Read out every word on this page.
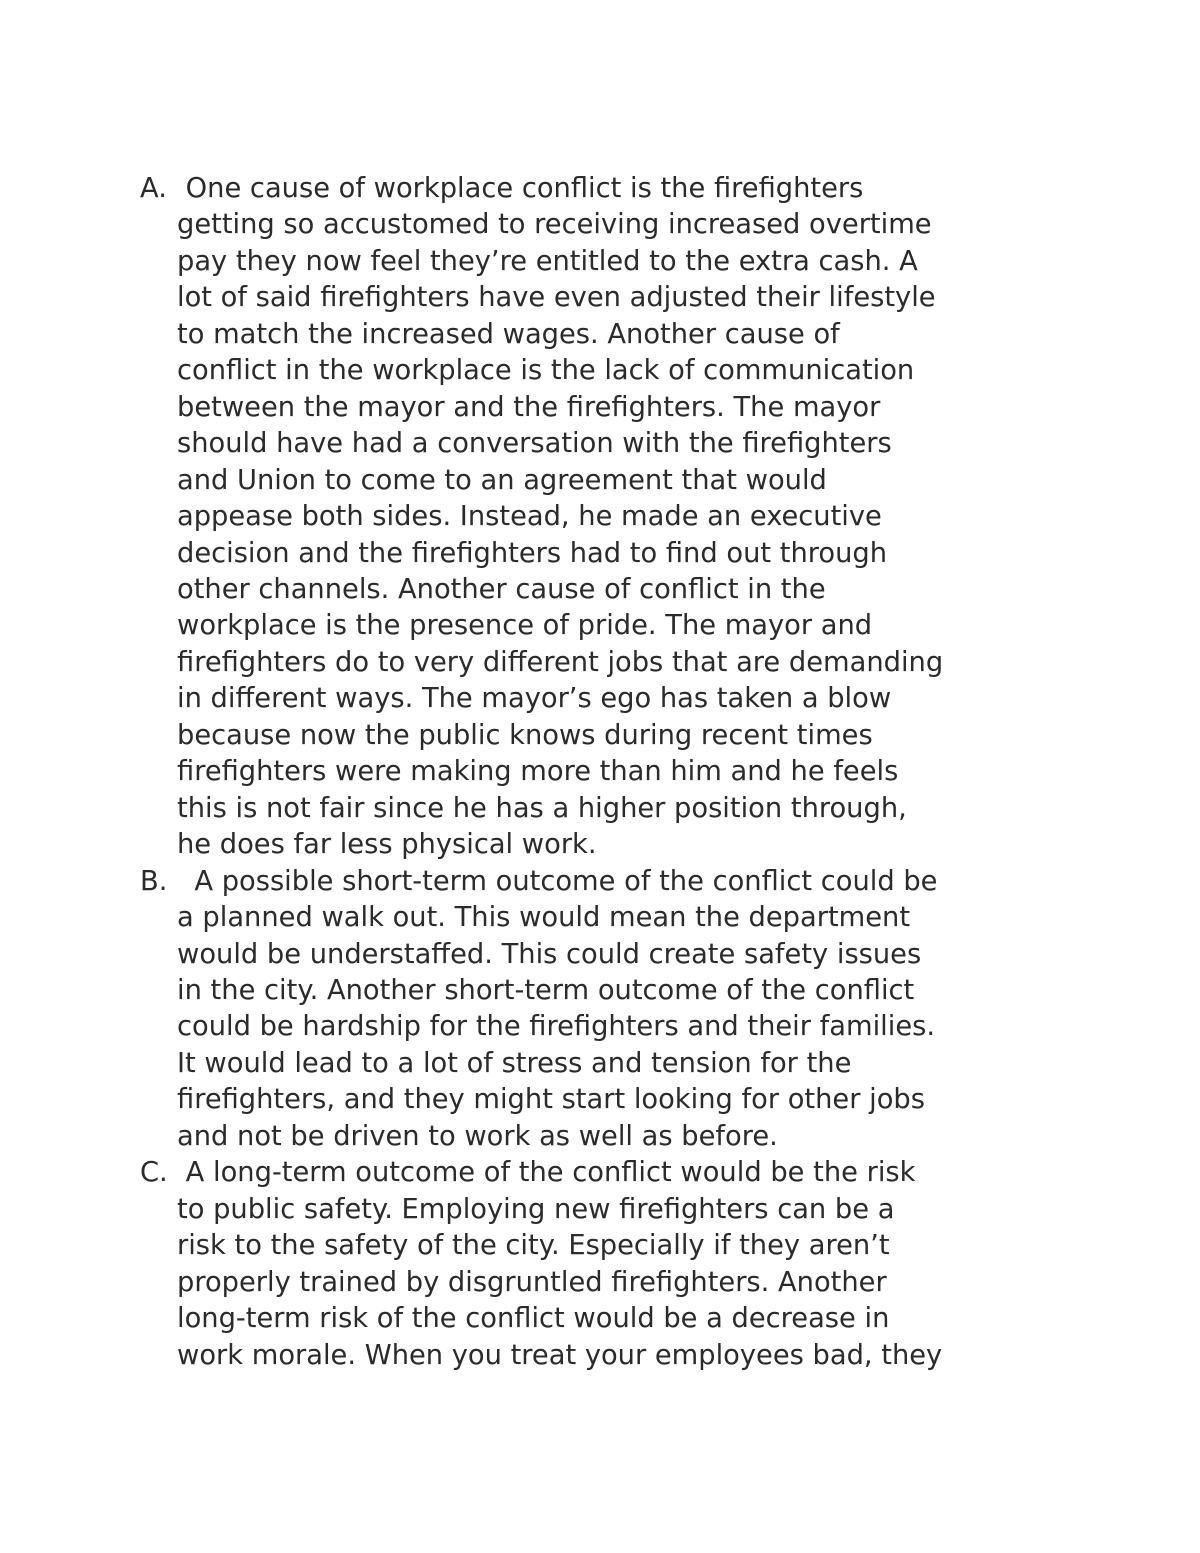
A. One cause of workplace conflict is the firefighters
getting so accustomed to receiving increased overtime
pay they now feel they’re entitled to the extra cash. A
lot of said firefighters have even adjusted their lifestyle
to match the increased wages. Another cause of
conflict in the workplace is the lack of communication
between the mayor and the firefighters. The mayor
should have had a conversation with the firefighters
and Union to come to an agreement that would
appease both sides. Instead, he made an executive
decision and the firefighters had to find out through
other channels. Another cause of conflict in the
workplace is the presence of pride. The mayor and
firefighters do to very different jobs that are demanding
in different ways. The mayor’s ego has taken a blow
because now the public knows during recent times
firefighters were making more than him and he feels
this is not fair since he has a higher position through,
he does far less physical work.
B. A possible short-term outcome of the conflict could be
a planned walk out. This would mean the department
would be understaffed. This could create safety issues
in the city. Another short-term outcome of the conflict
could be hardship for the firefighters and their families.
It would lead to a lot of stress and tension for the
firefighters, and they might start looking for other jobs
and not be driven to work as well as before.
C. A long-term outcome of the conflict would be the risk
to public safety. Employing new firefighters can be a
risk to the safety of the city. Especially if they aren’t
properly trained by disgruntled firefighters. Another
long-term risk of the conflict would be a decrease in
work morale. When you treat your employees bad, they
